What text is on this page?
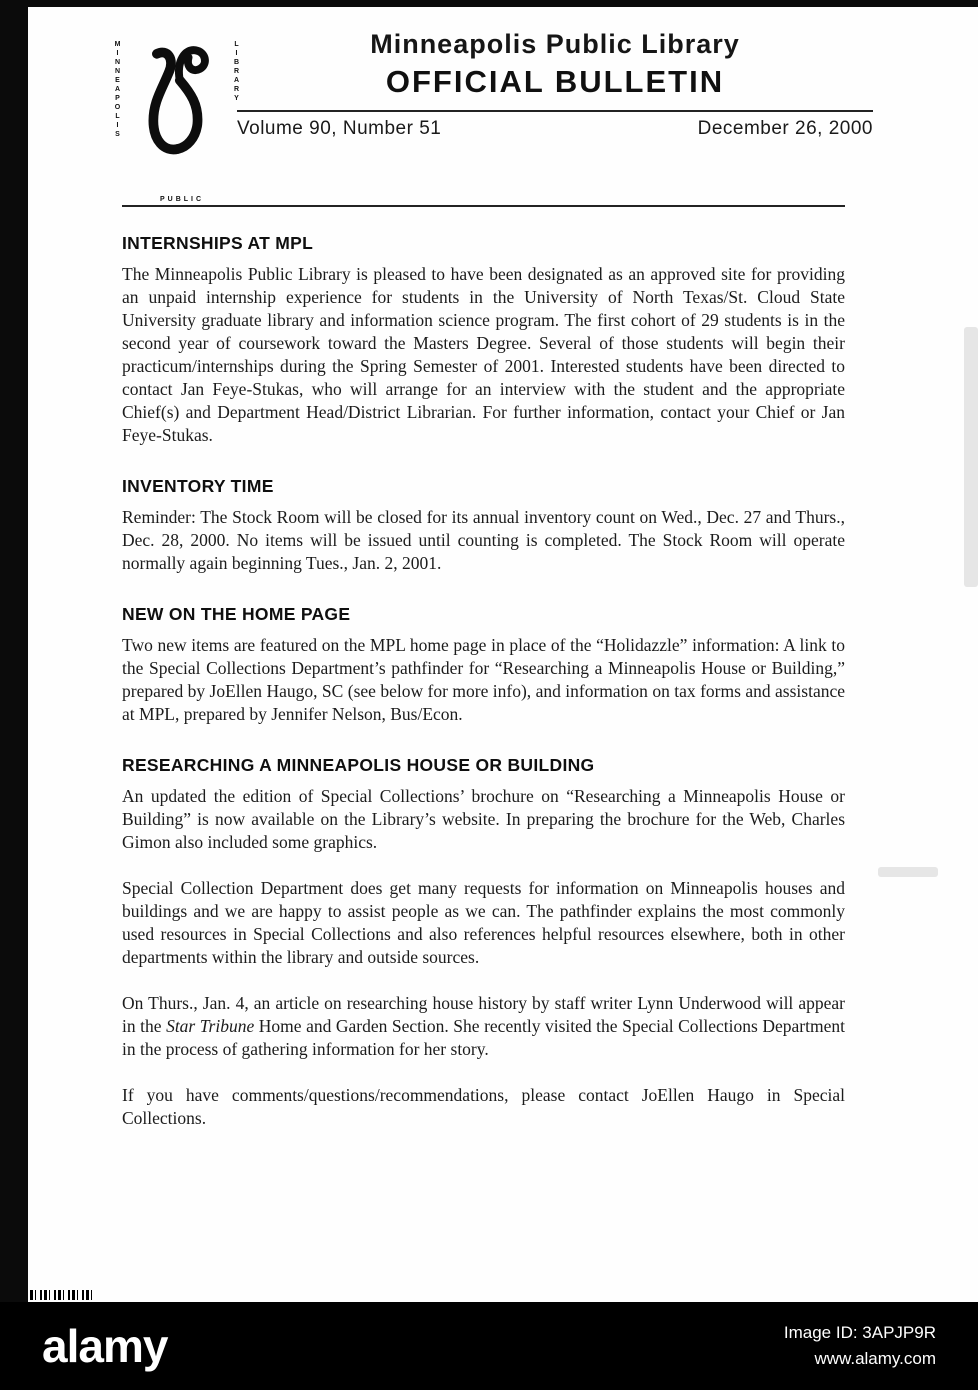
MINNEAPOLIS	LIBRARY
PUBLIC
Minneapolis Public Library
OFFICIAL BULLETIN
Volume 90, Number 51	December 26, 2000
INTERNSHIPS AT MPL

The Minneapolis Public Library is pleased to have been designated as an approved site for providing an unpaid internship experience for students in the University of North Texas/St. Cloud State University graduate library and information science program. The first cohort of 29 students is in the second year of coursework toward the Masters Degree. Several of those students will begin their practicum/internships during the Spring Semester of 2001. Interested students have been directed to contact Jan Feye-Stukas, who will arrange for an interview with the student and the appropriate Chief(s) and Department Head/District Librarian. For further information, contact your Chief or Jan Feye-Stukas.

INVENTORY TIME

Reminder: The Stock Room will be closed for its annual inventory count on Wed., Dec. 27 and Thurs., Dec. 28, 2000. No items will be issued until counting is completed. The Stock Room will operate normally again beginning Tues., Jan. 2, 2001.

NEW ON THE HOME PAGE

Two new items are featured on the MPL home page in place of the “Holidazzle” information: A link to the Special Collections Department’s pathfinder for “Researching a Minneapolis House or Building,” prepared by JoEllen Haugo, SC (see below for more info), and information on tax forms and assistance at MPL, prepared by Jennifer Nelson, Bus/Econ.

RESEARCHING A MINNEAPOLIS HOUSE OR BUILDING

An updated the edition of Special Collections’ brochure on “Researching a Minneapolis House or Building” is now available on the Library’s website. In preparing the brochure for the Web, Charles Gimon also included some graphics.

Special Collection Department does get many requests for information on Minneapolis houses and buildings and we are happy to assist people as we can. The pathfinder explains the most commonly used resources in Special Collections and also references helpful resources elsewhere, both in other departments within the library and outside sources.

On Thurs., Jan. 4, an article on researching house history by staff writer Lynn Underwood will appear in the Star Tribune Home and Garden Section. She recently visited the Special Collections Department in the process of gathering information for her story.

If you have comments/questions/recommendations, please contact JoEllen Haugo in Special Collections.

alamy	Image ID: 3APJP9R
www.alamy.com
